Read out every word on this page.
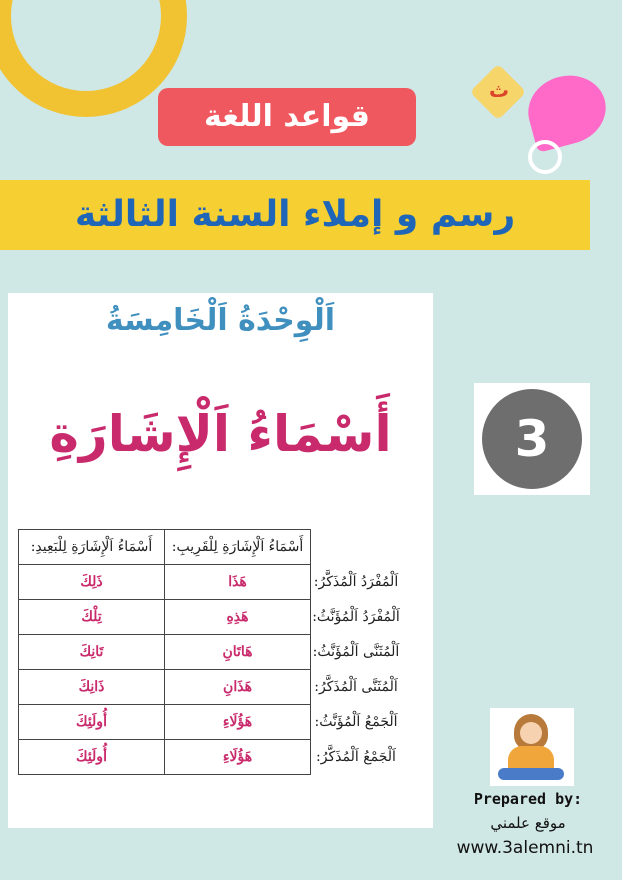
ث
قواعد اللغة
رسم و إملاء السنة الثالثة
اَلْوِحْدَةُ اَلْخَامِسَةُ
أَسْمَاءُ اَلْإِشَارَةِ
	أَسْمَاءُ اَلْإِشَارَةِ لِلْقَرِيبِ:	أَسْمَاءُ اَلْإِشَارَةِ لِلْبَعِيدِ:
اَلْمُفْرَدُ اَلْمُذَكَّرُ:	هَذَا	ذَلِكَ
اَلْمُفْرَدُ اَلْمُؤَنَّثُ:	هَذِهِ	تِلْكَ
اَلْمُثَنَّى اَلْمُؤَنَّثُ:	هَاتَانِ	تَانِكَ
اَلْمُثَنَّى اَلْمُذَكَّرُ:	هَذَانِ	ذَانِكَ
اَلْجَمْعُ اَلْمُؤَنَّثُ:	هَؤُلَاءِ	أُولَئِكَ
اَلْجَمْعُ اَلْمُذَكَّرُ:	هَؤُلَاءِ	أُولَئِكَ
3
Prepared by:
موقع علمني
www.3alemni.tn
